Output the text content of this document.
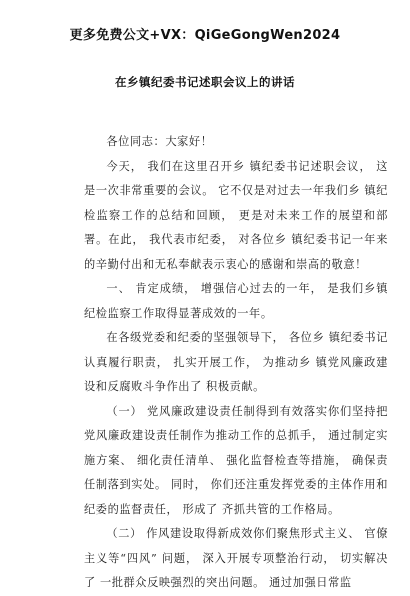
更多免费公文+VX：QiGeGongWen2024
在乡镇纪委书记述职会议上的讲话

各位同志：大家好！

今天， 我们在这里召开乡 镇纪委书记述职会议， 这是一次非常重要的会议。 它不仅是对过去一年我们乡 镇纪检监察工作的总结和回顾， 更是对未来工作的展望和部署。在此， 我代表市纪委， 对各位乡 镇纪委书记一年来的辛勤付出和无私奉献表示衷心的感谢和崇高的敬意！

一、 肯定成绩， 增强信心过去的一年， 是我们乡镇纪检监察工作取得显著成效的一年。

在各级党委和纪委的坚强领导下， 各位乡 镇纪委书记认真履行职责， 扎实开展工作， 为推动乡 镇党风廉政建设和反腐败斗争作出了 积极贡献。

（一） 党风廉政建设责任制得到有效落实你们坚持把党风廉政建设责任制作为推动工作的总抓手， 通过制定实施方案、 细化责任清单、 强化监督检查等措施， 确保责任制落到实处。 同时， 你们还注重发挥党委的主体作用和纪委的监督责任， 形成了 齐抓共管的工作格局。

（二） 作风建设取得新成效你们聚焦形式主义、 官僚主义等“四风” 问题， 深入开展专项整治行动， 切实解决了 一批群众反映强烈的突出问题。 通过加强日常监
